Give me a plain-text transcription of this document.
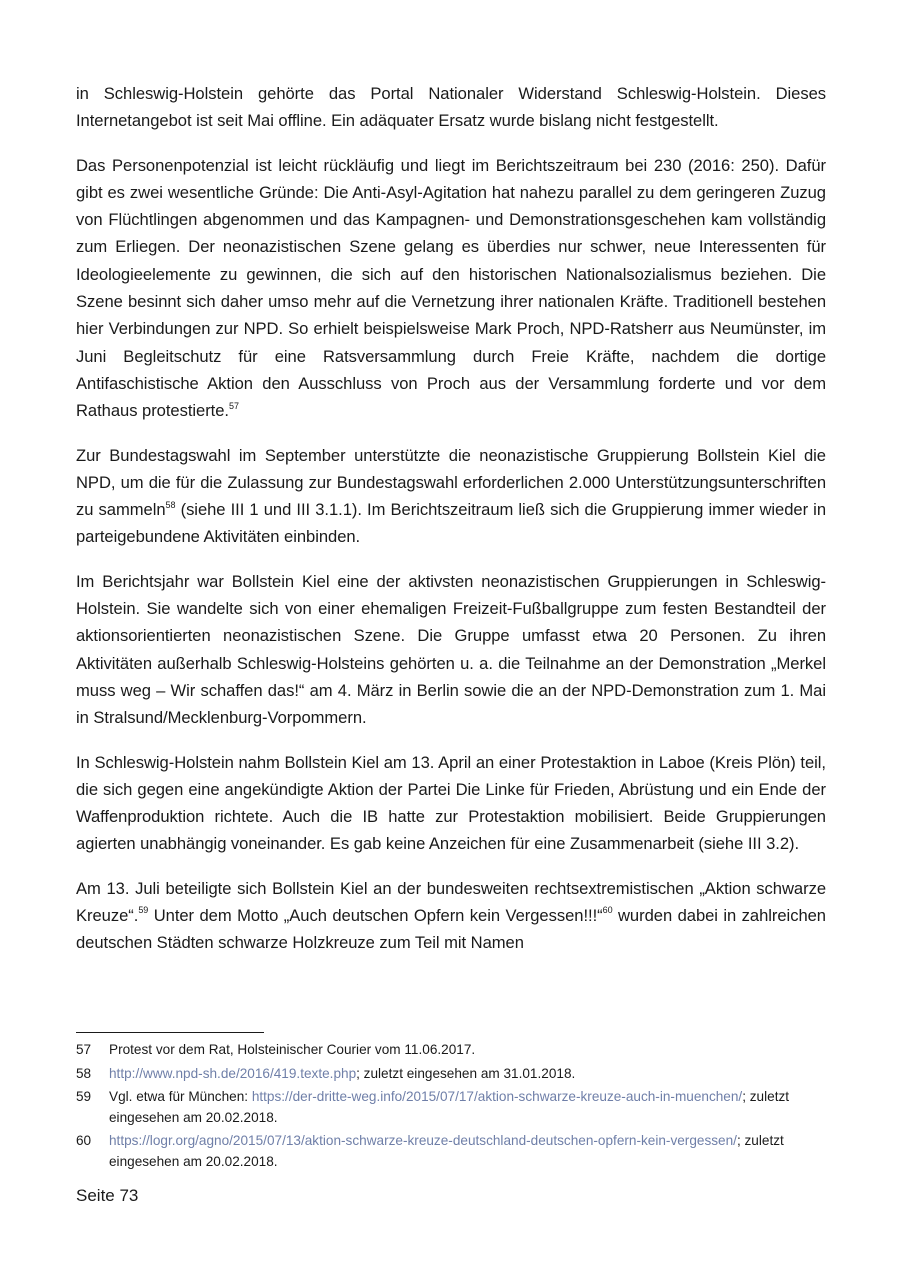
in Schleswig-Holstein gehörte das Portal Nationaler Widerstand Schleswig-Holstein. Dieses Internetangebot ist seit Mai offline. Ein adäquater Ersatz wurde bislang nicht festgestellt.

Das Personenpotenzial ist leicht rückläufig und liegt im Berichtszeitraum bei 230 (2016: 250). Dafür gibt es zwei wesentliche Gründe: Die Anti-Asyl-Agitation hat nahezu parallel zu dem geringeren Zuzug von Flüchtlingen abgenommen und das Kampagnen- und Demonstrationsgeschehen kam vollständig zum Erliegen. Der neonazistischen Szene gelang es überdies nur schwer, neue Interessenten für Ideologieelemente zu gewinnen, die sich auf den historischen Nationalsozialismus beziehen. Die Szene besinnt sich daher umso mehr auf die Vernetzung ihrer nationalen Kräfte. Traditionell bestehen hier Verbindungen zur NPD. So erhielt beispielsweise Mark Proch, NPD-Ratsherr aus Neumünster, im Juni Begleitschutz für eine Ratsversammlung durch Freie Kräfte, nachdem die dortige Antifaschistische Aktion den Ausschluss von Proch aus der Versammlung forderte und vor dem Rathaus protestierte.$^{57}$

Zur Bundestagswahl im September unterstützte die neonazistische Gruppierung Bollstein Kiel die NPD, um die für die Zulassung zur Bundestagswahl erforderlichen 2.000 Unterstützungsunterschriften zu sammeln$^{58}$ (siehe III 1 und III 3.1.1). Im Berichtszeitraum ließ sich die Gruppierung immer wieder in parteigebundene Aktivitäten einbinden.

Im Berichtsjahr war Bollstein Kiel eine der aktivsten neonazistischen Gruppierungen in Schleswig-Holstein. Sie wandelte sich von einer ehemaligen Freizeit-Fußballgruppe zum festen Bestandteil der aktionsorientierten neonazistischen Szene. Die Gruppe umfasst etwa 20 Personen. Zu ihren Aktivitäten außerhalb Schleswig-Holsteins gehörten u. a. die Teilnahme an der Demonstration „Merkel muss weg – Wir schaffen das!“ am 4. März in Berlin sowie die an der NPD-Demonstration zum 1. Mai in Stralsund/Mecklenburg-Vorpommern.

In Schleswig-Holstein nahm Bollstein Kiel am 13. April an einer Protestaktion in Laboe (Kreis Plön) teil, die sich gegen eine angekündigte Aktion der Partei Die Linke für Frieden, Abrüstung und ein Ende der Waffenproduktion richtete. Auch die IB hatte zur Protestaktion mobilisiert. Beide Gruppierungen agierten unabhängig voneinander. Es gab keine Anzeichen für eine Zusammenarbeit (siehe III 3.2).

Am 13. Juli beteiligte sich Bollstein Kiel an der bundesweiten rechtsextremistischen „Aktion schwarze Kreuze“.$^{59}$ Unter dem Motto „Auch deutschen Opfern kein Vergessen!!!“$^{60}$ wurden dabei in zahlreichen deutschen Städten schwarze Holzkreuze zum Teil mit Namen

57	Protest vor dem Rat, Holsteinischer Courier vom 11.06.2017.
58	http://www.npd-sh.de/2016/419.texte.php; zuletzt eingesehen am 31.01.2018.
59	Vgl. etwa für München: https://der-dritte-weg.info/2015/07/17/aktion-schwarze-kreuze-auch-in-muenchen/; zuletzt eingesehen am 20.02.2018.
60	https://logr.org/agno/2015/07/13/aktion-schwarze-kreuze-deutschland-deutschen-opfern-kein-vergessen/; zuletzt eingesehen am 20.02.2018.
Seite 73
